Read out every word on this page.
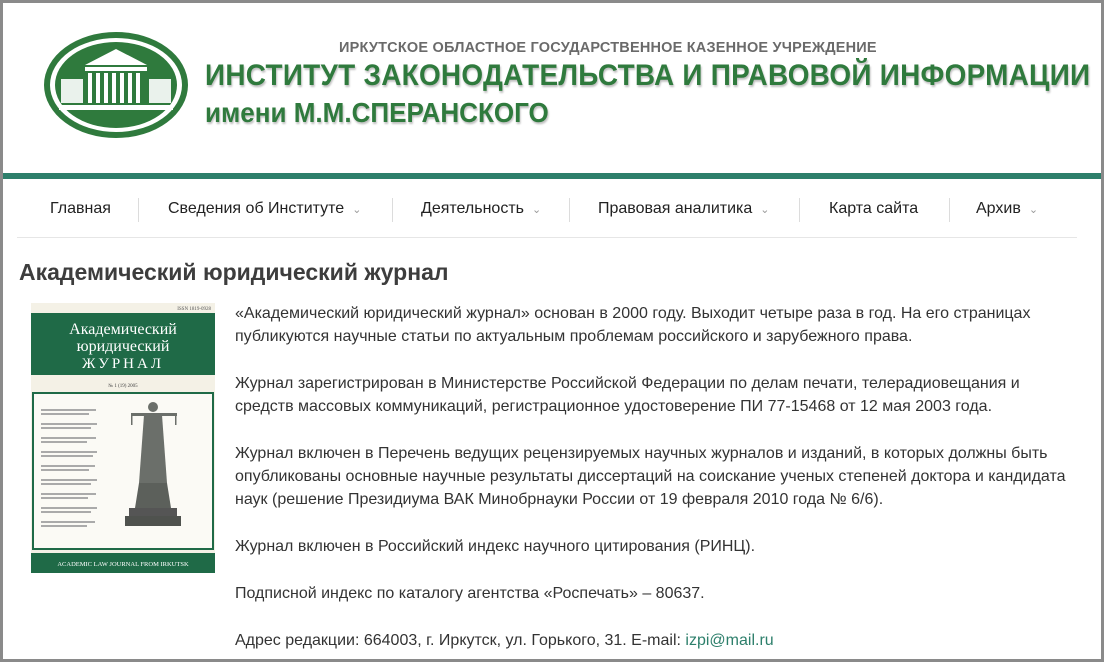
ИРКУТСКОЕ ОБЛАСТНОЕ ГОСУДАРСТВЕННОЕ КАЗЕННОЕ УЧРЕЖДЕНИЕ
ИНСТИТУТ ЗАКОНОДАТЕЛЬСТВА И ПРАВОВОЙ ИНФОРМАЦИИ
имени М.М.СПЕРАНСКОГО
Главная	Сведения об Институте ⌄	Деятельность ⌄	Правовая аналитика ⌄	Карта сайта	Архив ⌄
Академический юридический журнал
ISSN 1819-0928
Академический
юридический
ЖУРНАЛ
№ 1 (19) 2005
ACADEMIC LAW JOURNAL FROM IRKUTSK

«Академический юридический журнал» основан в 2000 году. Выходит четыре раза в год. На его страницах публикуются научные статьи по актуальным проблемам российского и зарубежного права.

Журнал зарегистрирован в Министерстве Российской Федерации по делам печати, телерадиовещания и средств массовых коммуникаций, регистрационное удостоверение ПИ 77-15468 от 12 мая 2003 года.

Журнал включен в Перечень ведущих рецензируемых научных журналов и изданий, в которых должны быть опубликованы основные научные результаты диссертаций на соискание ученых степеней доктора и кандидата наук (решение Президиума ВАК Минобрнауки России от 19 февраля 2010 года № 6/6).

Журнал включен в Российский индекс научного цитирования (РИНЦ).

Подписной индекс по каталогу агентства «Роспечать» – 80637.

Адрес редакции: 664003, г. Иркутск, ул. Горького, 31. E-mail: izpi@mail.ru
